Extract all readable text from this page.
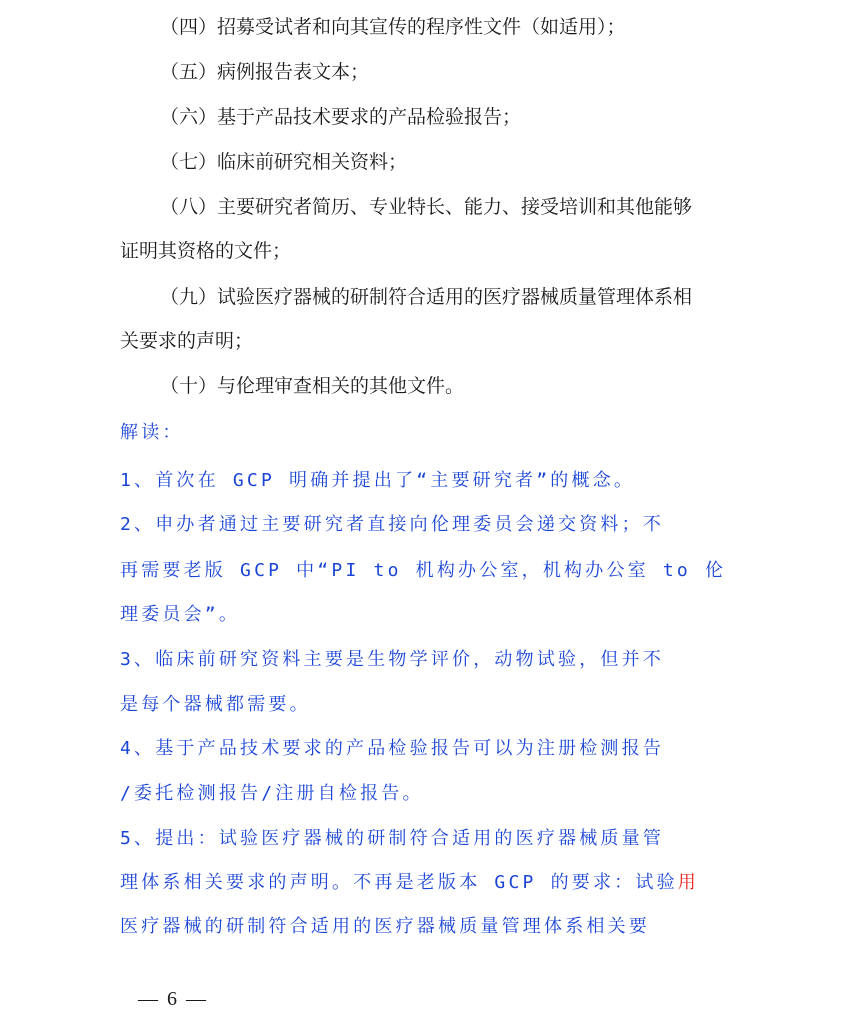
（四）招募受试者和向其宣传的程序性文件（如适用）；
（五）病例报告表文本；
（六）基于产品技术要求的产品检验报告；
（七）临床前研究相关资料；
（八）主要研究者简历、专业特长、能力、接受培训和其他能够
证明其资格的文件；
（九）试验医疗器械的研制符合适用的医疗器械质量管理体系相
关要求的声明；
（十）与伦理审查相关的其他文件。
解读：
1、首次在 GCP 明确并提出了“主要研究者”的概念。
2、申办者通过主要研究者直接向伦理委员会递交资料；不
再需要老版 GCP 中“PI to 机构办公室，机构办公室 to 伦
理委员会”。
3、临床前研究资料主要是生物学评价，动物试验，但并不
是每个器械都需要。
4、基于产品技术要求的产品检验报告可以为注册检测报告
/委托检测报告/注册自检报告。
5、提出：试验医疗器械的研制符合适用的医疗器械质量管
理体系相关要求的声明。不再是老版本 GCP 的要求：试验用
医疗器械的研制符合适用的医疗器械质量管理体系相关要
— 6 —
